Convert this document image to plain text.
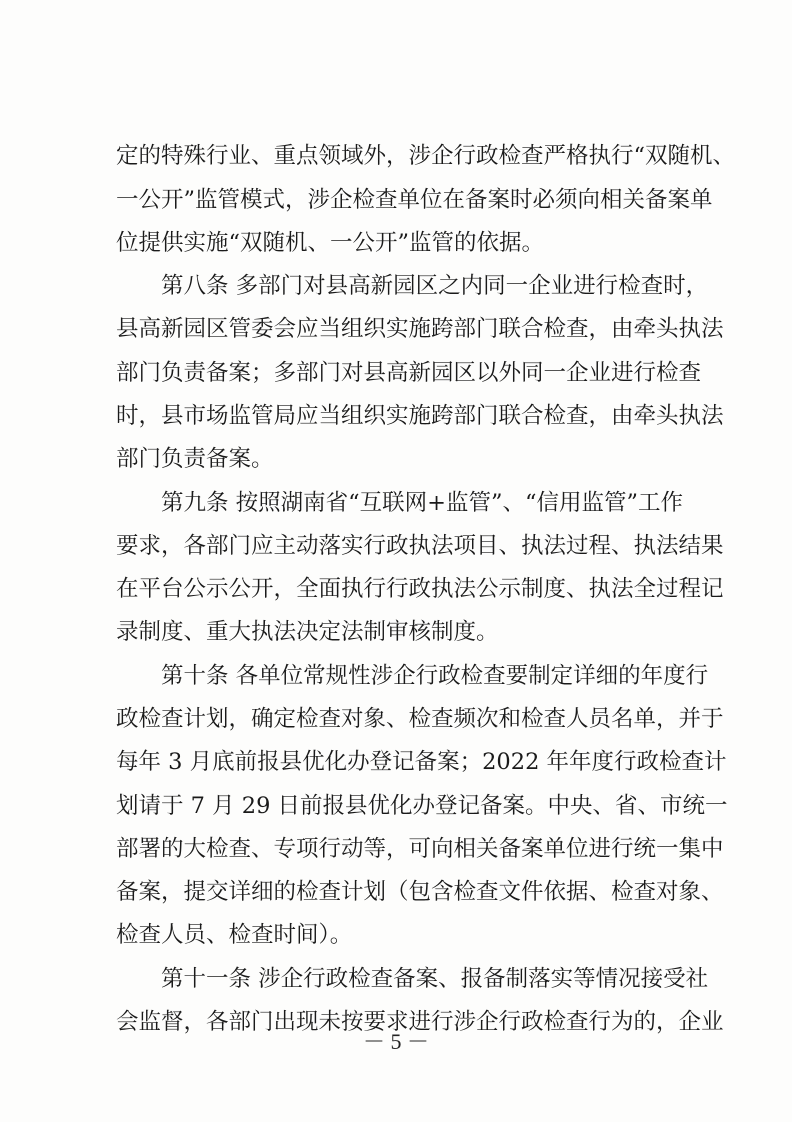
定的特殊行业、重点领域外，涉企行政检查严格执行“双随机、
一公开”监管模式，涉企检查单位在备案时必须向相关备案单
位提供实施“双随机、一公开”监管的依据。
　　第八条 多部门对县高新园区之内同一企业进行检查时，
县高新园区管委会应当组织实施跨部门联合检查，由牵头执法
部门负责备案；多部门对县高新园区以外同一企业进行检查
时，县市场监管局应当组织实施跨部门联合检查，由牵头执法
部门负责备案。
　　第九条 按照湖南省“互联网+监管”、“信用监管”工作
要求，各部门应主动落实行政执法项目、执法过程、执法结果
在平台公示公开，全面执行行政执法公示制度、执法全过程记
录制度、重大执法决定法制审核制度。
　　第十条 各单位常规性涉企行政检查要制定详细的年度行
政检查计划，确定检查对象、检查频次和检查人员名单，并于
每年 3 月底前报县优化办登记备案；2022 年年度行政检查计
划请于 7 月 29 日前报县优化办登记备案。中央、省、市统一
部署的大检查、专项行动等，可向相关备案单位进行统一集中
备案，提交详细的检查计划（包含检查文件依据、检查对象、
检查人员、检查时间）。
　　第十一条 涉企行政检查备案、报备制落实等情况接受社
会监督，各部门出现未按要求进行涉企行政检查行为的，企业
－ 5 －
